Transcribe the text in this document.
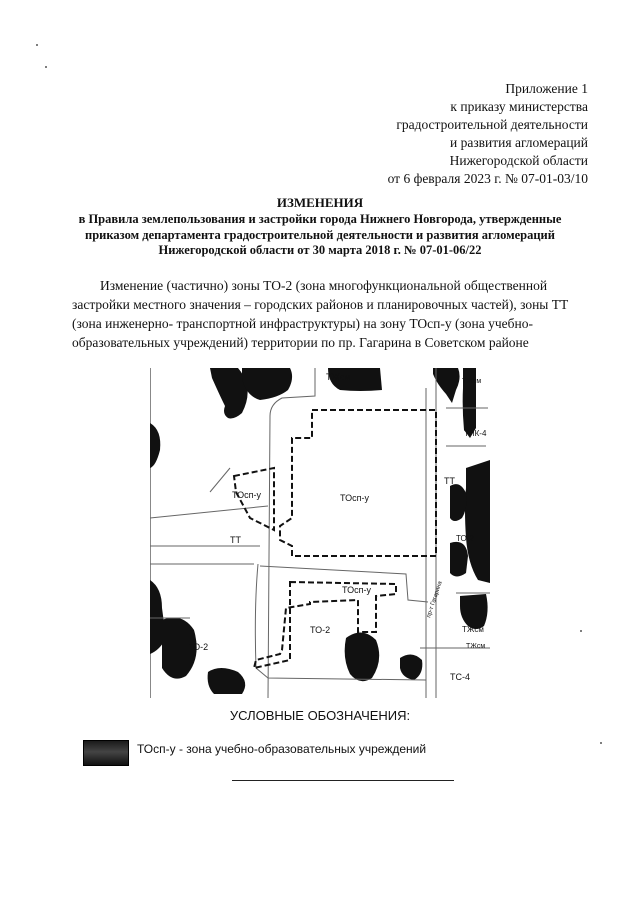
Приложение 1
к приказу министерства
градостроительной деятельности
и развития агломераций
Нижегородской области
от 6 февраля 2023 г. № 07-01-03/10
ИЗМЕНЕНИЯ
в Правила землепользования и застройки города Нижнего Новгорода, утвержденные
приказом департамента градостроительной деятельности и развития агломераций
Нижегородской области от 30 марта 2018 г. № 07-01-06/22
Изменение (частично) зоны ТО-2 (зона многофункциональной общественной
застройки местного значения – городских районов и планировочных частей), зоны ТТ
(зона инженерно- транспортной инфраструктуры) на зону ТОсп-у (зона учебно-
образовательных учреждений) территории по пр. Гагарина в Советском районе
ТЖсм
ТПК-4
ТОсп-у	ТОсп-у
ТТ
ТТ	ТО-2
ТОсп-у
ТО-2
ТО-2
пр-т Гагарина
ТЖсм
ТЖсм
ТЖсм
ТС-4
УСЛОВНЫЕ ОБОЗНАЧЕНИЯ:
ТОсп-у - зона учебно-образовательных учреждений
